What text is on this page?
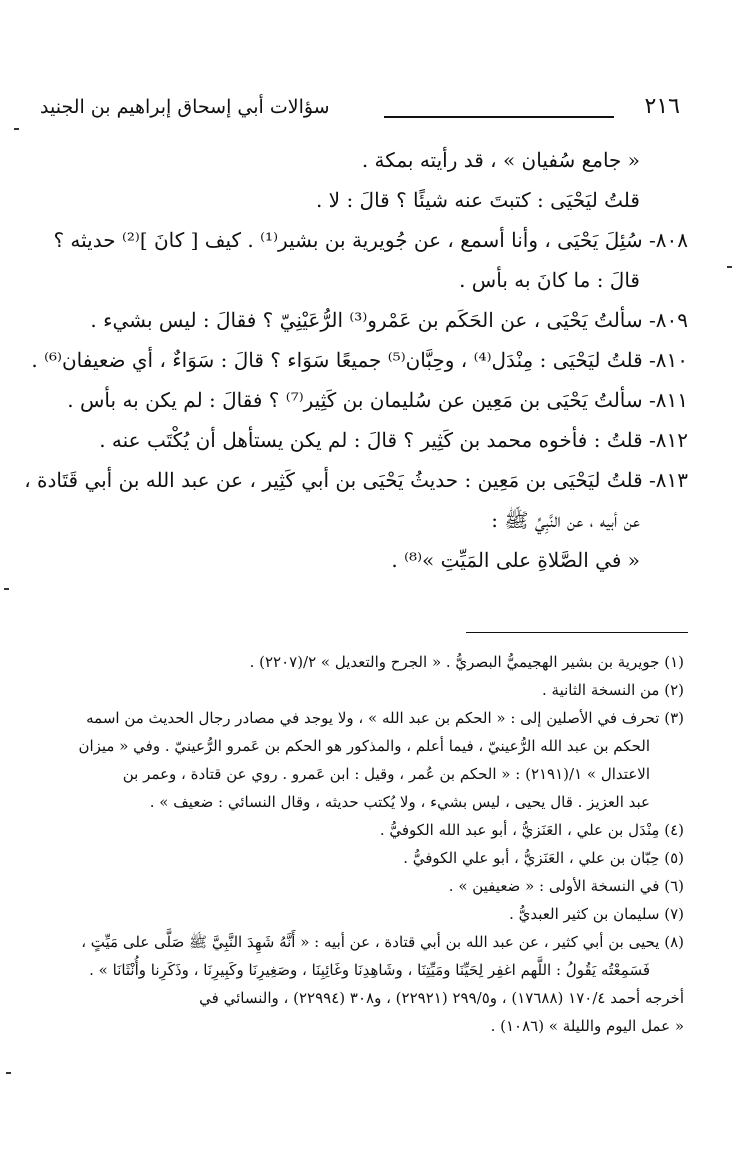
٢١٦
سؤالات أبي إسحاق إبراهيم بن الجنيد
« جامع سُفيان » ، قد رأيته بمكة .
قلتُ ليَحْيَى : كتبتَ عنه شيئًا ؟ قالَ : لا .
٨٠٨- سُئِلَ يَحْيَى ، وأنا أسمع ، عن جُويرية بن بشير⁽¹⁾ . كيف [ كانَ ]⁽²⁾ حديثه ؟
قالَ : ما كانَ به بأس .
٨٠٩- سألتُ يَحْيَى ، عن الحَكَم بن عَمْرو⁽³⁾ الرُّعَيْنِيّ ؟ فقالَ : ليس بشيء .
٨١٠- قلتُ ليَحْيَى : مِنْدَل⁽⁴⁾ ، وحِبَّان⁽⁵⁾ جميعًا سَوَاء ؟ قالَ : سَوَاءٌ ، أي ضعيفان⁽⁶⁾ .
٨١١- سألتُ يَحْيَى بن مَعِين عن سُليمان بن كَثِير⁽⁷⁾ ؟ فقالَ : لم يكن به بأس .
٨١٢- قلتُ : فأخوه محمد بن كَثِير ؟ قالَ : لم يكن يستأهل أن يُكْتَب عنه .
٨١٣- قلتُ ليَحْيَى بن مَعِين : حديثُ يَحْيَى بن أبي كَثِير ، عن عبد الله بن أبي قَتَادة ،
عن أبيه ، عن النَّبِيِّ ﷺ :
« في الصَّلاةِ على المَيِّتِ »⁽⁸⁾ .
(١) جويرية بن بشير الهجيميُّ البصريُّ . « الجرح والتعديل » ٢/(٢٢٠٧) .
(٢) من النسخة الثانية .
(٣) تحرف في الأصلين إلى : « الحكم بن عبد الله » ، ولا يوجد في مصادر رجال الحديث من اسمه
الحكم بن عبد الله الرُّعينيّ ، فيما أعلم ، والمذكور هو الحكم بن عَمرو الرُّعينيّ . وفي « ميزان
الاعتدال » ١/(٢١٩١) : « الحكم بن عُمر ، وقيل : ابن عَمرو . روي عن قتادة ، وعمر بن
عبد العزيز . قال يحيى ، ليس بشيء ، ولا يُكتب حديثه ، وقال النسائي : ضعيف » .
(٤) مِنْدَل بن علي ، العَنَزيُّ ، أبو عبد الله الكوفيُّ .
(٥) حِبّان بن علي ، العَنَزيُّ ، أبو علي الكوفيُّ .
(٦) في النسخة الأولى : « ضعيفين » .
(٧) سليمان بن كثير العبديُّ .
(٨) يحيى بن أبي كثير ، عن عبد الله بن أبي قتادة ، عن أبيه : « أَنَّهُ شَهِدَ النَّبِيَّ ﷺ صَلَّى على مَيِّتٍ ،
فَسَمِعْتُه يَقُولُ : اللَّهم اغفِر لِحَيِّنَا ومَيِّتِنَا ، وشَاهِدِنَا وغَائِبِنَا ، وصَغِيرِنَا وكَبِيرِنَا ، وذَكَرِنا وأُنْثَانَا » .
أخرجه أحمد ١٧٠/٤ (١٧٦٨٨) ، و٢٩٩/٥ (٢٢٩٢١) ، و٣٠٨ (٢٢٩٩٤) ، والنسائي في
« عمل اليوم والليلة » (١٠٨٦) .
